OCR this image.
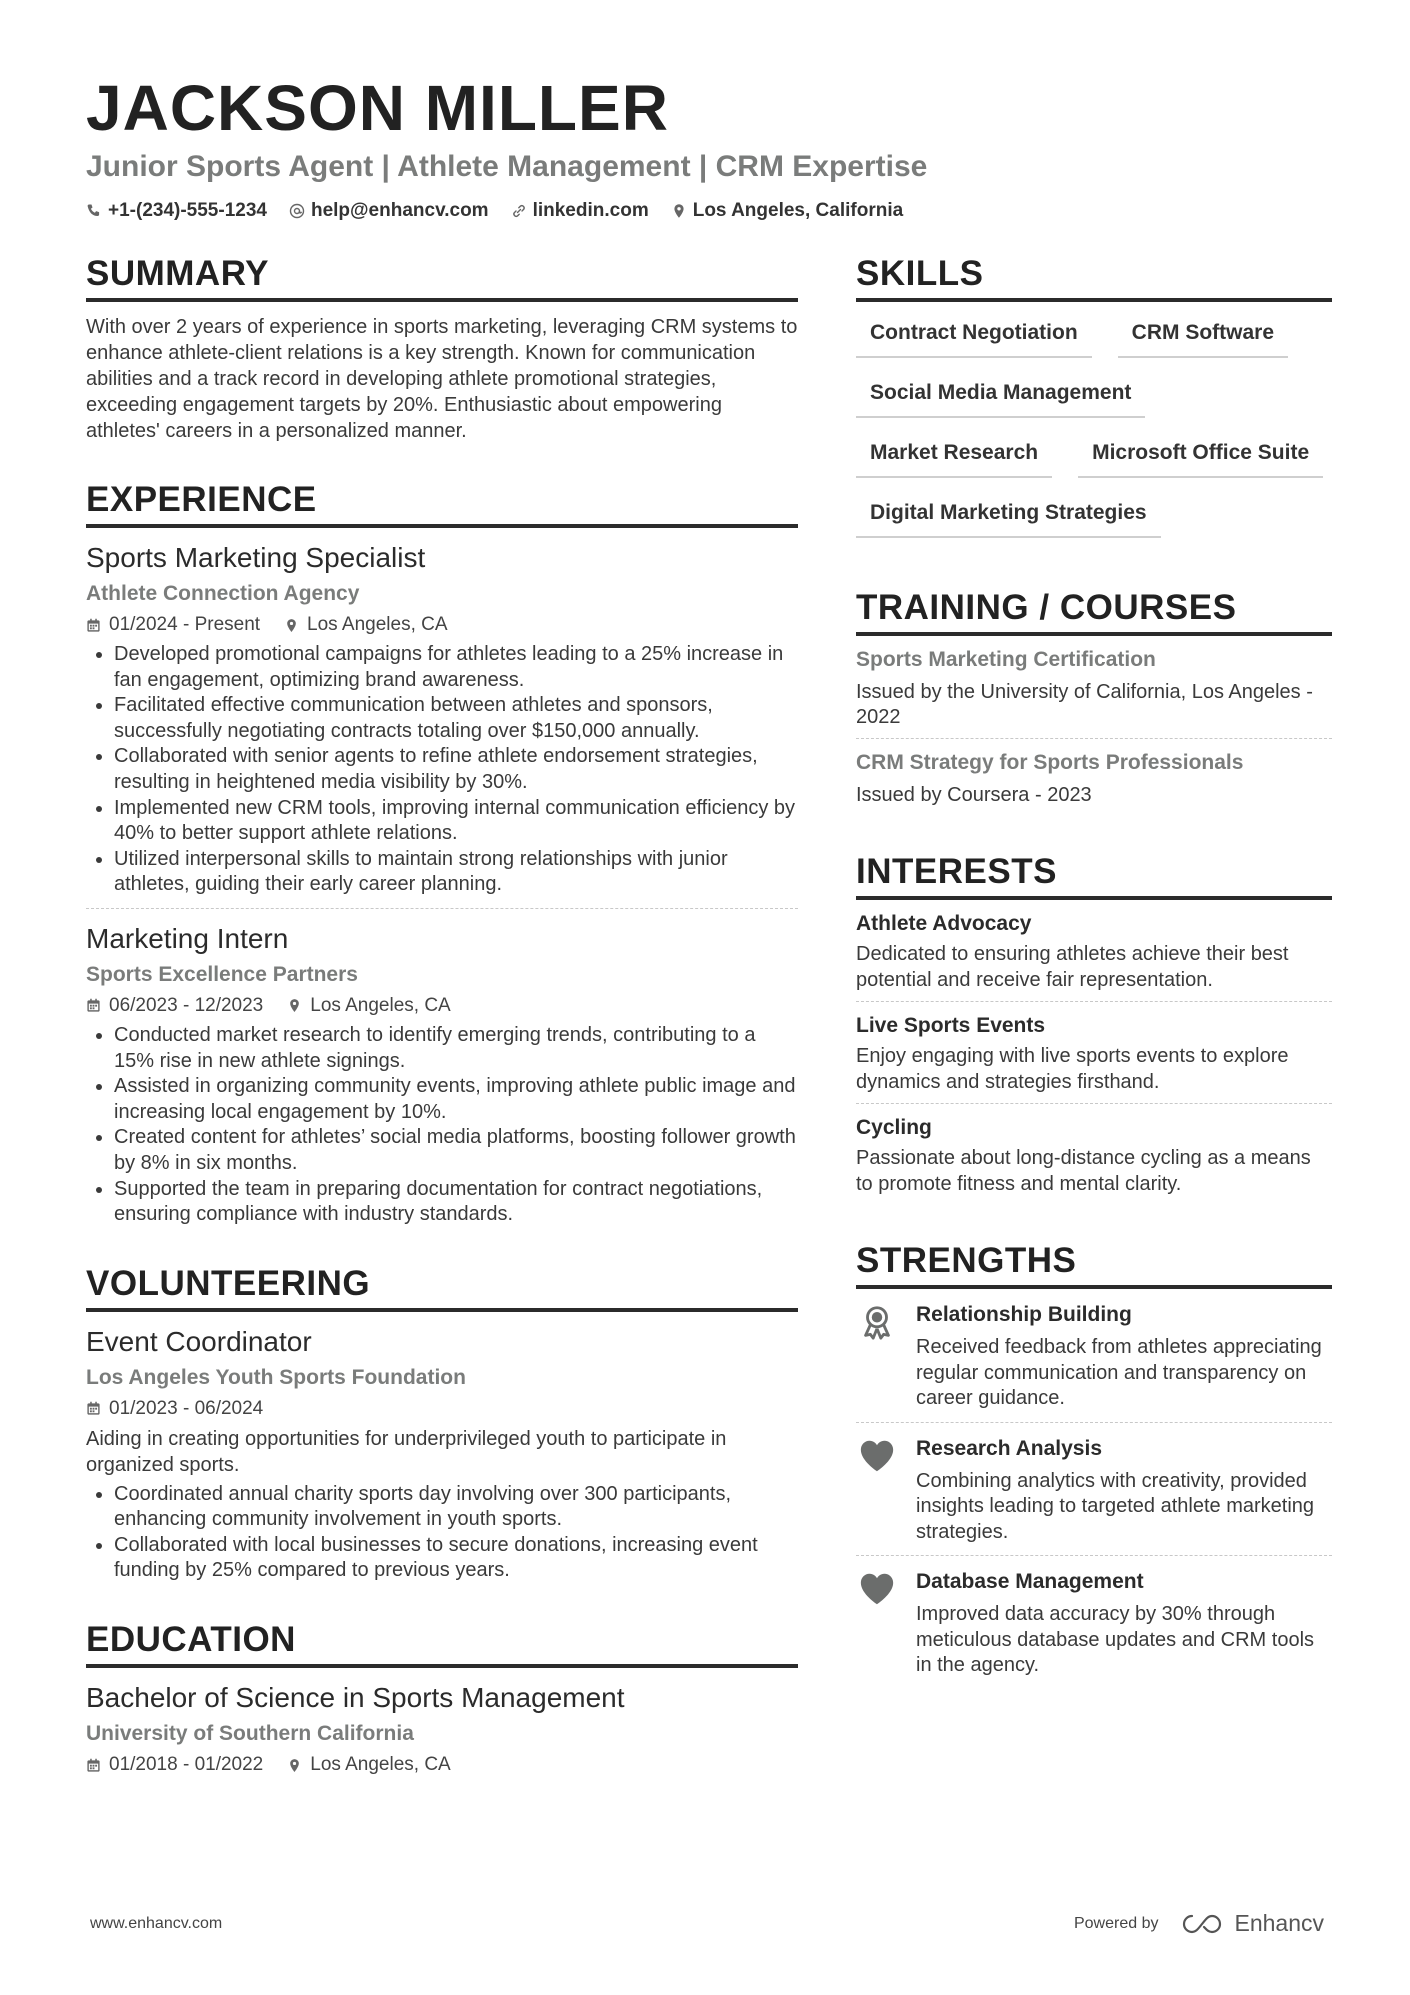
JACKSON MILLER
Junior Sports Agent | Athlete Management | CRM Expertise
+1-(234)-555-1234 help@enhancv.com linkedin.com Los Angeles, California
SUMMARY
With over 2 years of experience in sports marketing, leveraging CRM systems to enhance athlete-client relations is a key strength. Known for communication abilities and a track record in developing athlete promotional strategies, exceeding engagement targets by 20%. Enthusiastic about empowering athletes' careers in a personalized manner.
EXPERIENCE
Sports Marketing Specialist
Athlete Connection Agency
01/2024 - Present Los Angeles, CA
• Developed promotional campaigns for athletes leading to a 25% increase in fan engagement, optimizing brand awareness.
• Facilitated effective communication between athletes and sponsors, successfully negotiating contracts totaling over $150,000 annually.
• Collaborated with senior agents to refine athlete endorsement strategies, resulting in heightened media visibility by 30%.
• Implemented new CRM tools, improving internal communication efficiency by 40% to better support athlete relations.
• Utilized interpersonal skills to maintain strong relationships with junior athletes, guiding their early career planning.
Marketing Intern
Sports Excellence Partners
06/2023 - 12/2023 Los Angeles, CA
• Conducted market research to identify emerging trends, contributing to a 15% rise in new athlete signings.
• Assisted in organizing community events, improving athlete public image and increasing local engagement by 10%.
• Created content for athletes’ social media platforms, boosting follower growth by 8% in six months.
• Supported the team in preparing documentation for contract negotiations, ensuring compliance with industry standards.
VOLUNTEERING
Event Coordinator
Los Angeles Youth Sports Foundation
01/2023 - 06/2024
Aiding in creating opportunities for underprivileged youth to participate in organized sports.
• Coordinated annual charity sports day involving over 300 participants, enhancing community involvement in youth sports.
• Collaborated with local businesses to secure donations, increasing event funding by 25% compared to previous years.
EDUCATION
Bachelor of Science in Sports Management
University of Southern California
01/2018 - 01/2022 Los Angeles, CA
SKILLS
Contract Negotiation	CRM Software
Social Media Management
Market Research	Microsoft Office Suite
Digital Marketing Strategies
TRAINING / COURSES
Sports Marketing Certification
Issued by the University of California, Los Angeles - 2022
CRM Strategy for Sports Professionals
Issued by Coursera - 2023
INTERESTS
Athlete Advocacy
Dedicated to ensuring athletes achieve their best potential and receive fair representation.
Live Sports Events
Enjoy engaging with live sports events to explore dynamics and strategies firsthand.
Cycling
Passionate about long-distance cycling as a means to promote fitness and mental clarity.
STRENGTHS
Relationship Building
Received feedback from athletes appreciating regular communication and transparency on career guidance.
Research Analysis
Combining analytics with creativity, provided insights leading to targeted athlete marketing strategies.
Database Management
Improved data accuracy by 30% through meticulous database updates and CRM tools in the agency.
www.enhancv.com	Powered by	Enhancv
